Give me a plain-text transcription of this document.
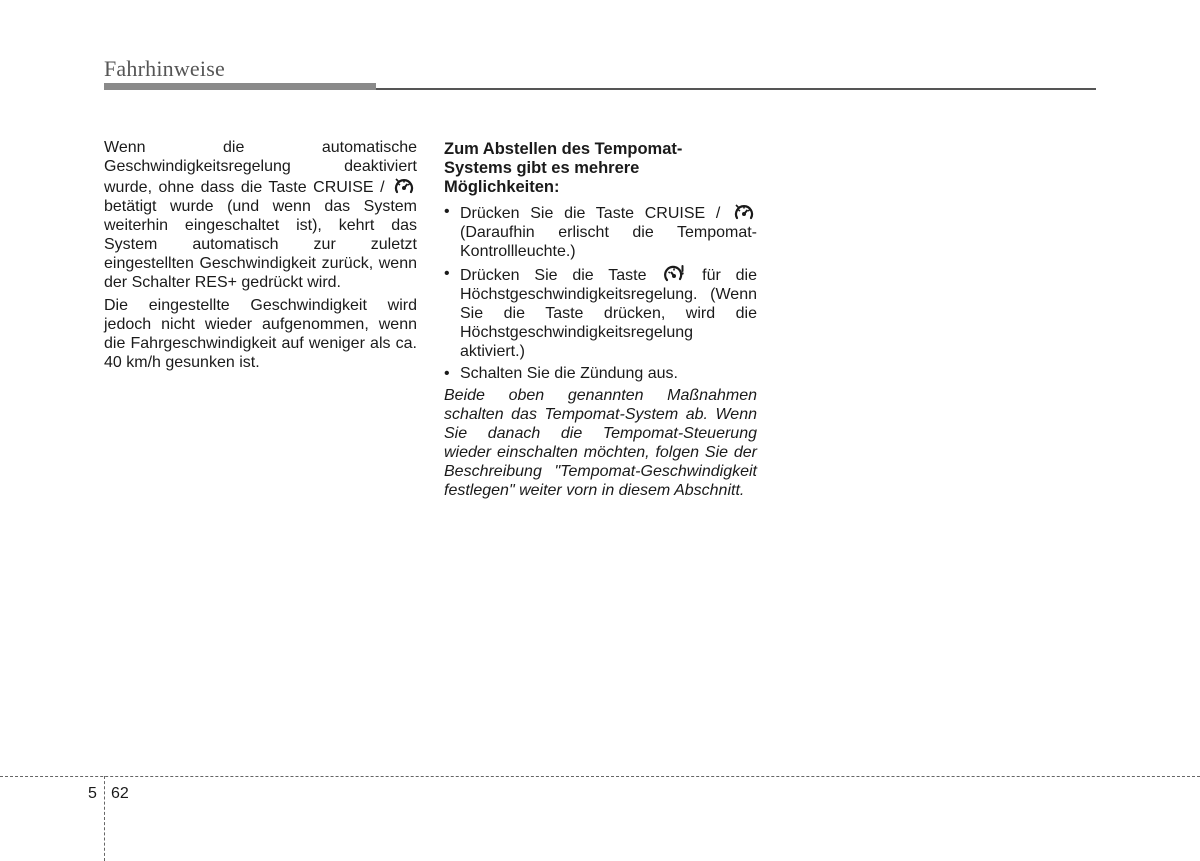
Fahrhinweise

Wenn die automatische Geschwindigkeitsregelung deaktiviert wurde, ohne dass die Taste CRUISE /  betätigt wurde (und wenn das System weiterhin eingeschaltet ist), kehrt das System automatisch zur zuletzt eingestellten Geschwindigkeit zurück, wenn der Schalter RES+ gedrückt wird.

Die eingestellte Geschwindigkeit wird jedoch nicht wieder aufgenommen, wenn die Fahrgeschwindigkeit auf weniger als ca. 40 km/h gesunken ist.

Zum Abstellen des Tempomat-Systems gibt es mehrere Möglichkeiten:
• Drücken Sie die Taste CRUISE /  (Daraufhin erlischt die Tempomat-Kontrollleuchte.)
• Drücken Sie die Taste  für die Höchstgeschwindigkeitsregelung. (Wenn Sie die Taste drücken, wird die Höchstgeschwindigkeitsregelung aktiviert.)
• Schalten Sie die Zündung aus.
Beide oben genannten Maßnahmen schalten das Tempomat-System ab. Wenn Sie danach die Tempomat-Steuerung wieder einschalten möchten, folgen Sie der Beschreibung "Tempomat-Geschwindigkeit festlegen" weiter vorn in diesem Abschnitt.
5 62
